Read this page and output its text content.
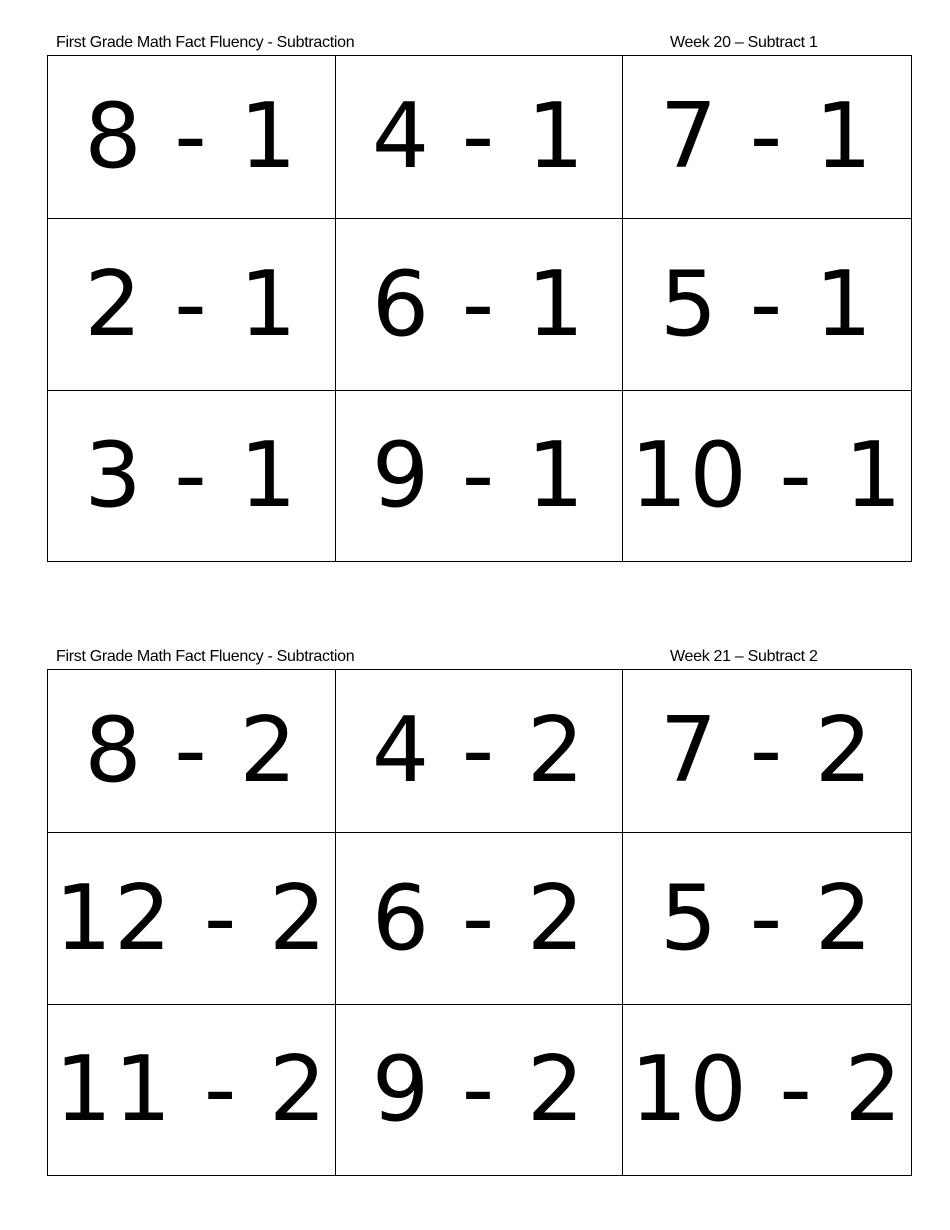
First Grade Math Fact Fluency - Subtraction	Week 20 – Subtract 1
8 - 1 4 - 1 7 - 1
2 - 1 6 - 1 5 - 1
3 - 1 9 - 1 10 - 1
First Grade Math Fact Fluency - Subtraction	Week 21 – Subtract 2
8 - 2 4 - 2 7 - 2
12 - 2 6 - 2 5 - 2
11 - 2 9 - 2 10 - 2
